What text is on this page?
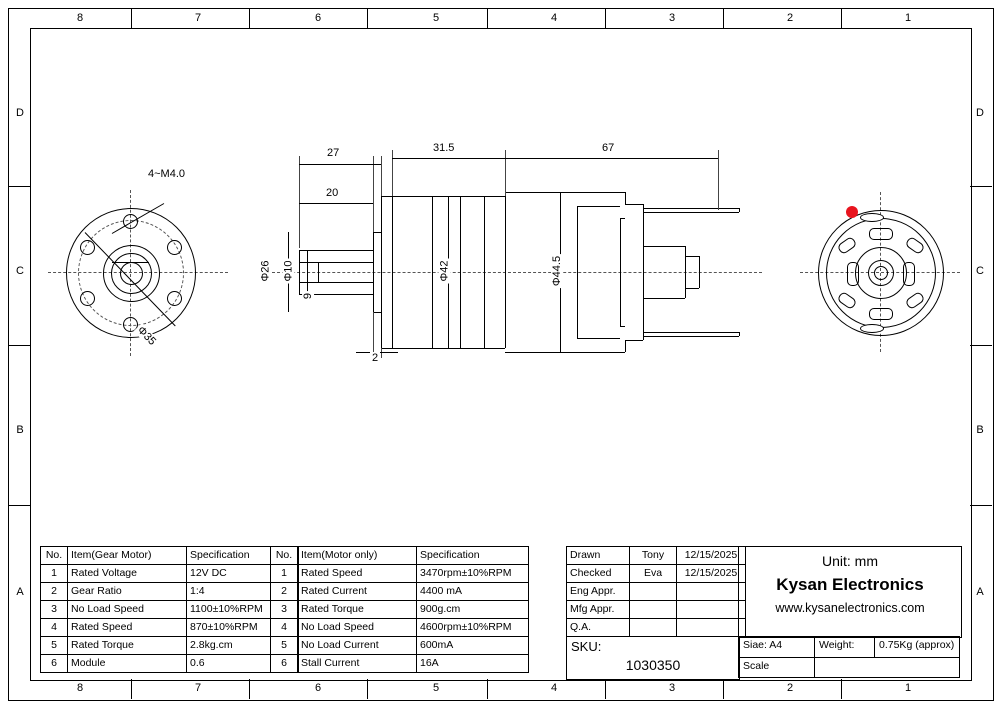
8	7	6	5	4	3	2	1
8	7	6	5	4	3	2	1
D
C
B
A
D
C
B
A
4~M4.0
Φ35
27
20
31.5	67
2
Φ26 Φ10
9
Φ42	Φ44.5
No.	Item(Gear Motor)	Specification
1	Rated Voltage	12V DC
2	Gear Ratio	1:4
3	No Load Speed	1100±10%RPM
4	Rated Speed	870±10%RPM
5	Rated Torque	2.8kg.cm
6	Module	0.6
No.	Item(Motor only)	Specification
1	Rated Speed	3470rpm±10%RPM
2	Rated Current	4400 mA
3	Rated Torque	900g.cm
4	No Load Speed	4600rpm±10%RPM
5	No Load Current	600mA
6	Stall Current	16A
Drawn	Tony	12/15/2025
Checked	Eva	12/15/2025
Eng Appr.		
Mfg Appr.		
Q.A.		
SKU:
1030350
Unit: mm
Kysan Electronics
www.kysanelectronics.com
Siae: A4	Weight:	0.75Kg (approx)
Scale
